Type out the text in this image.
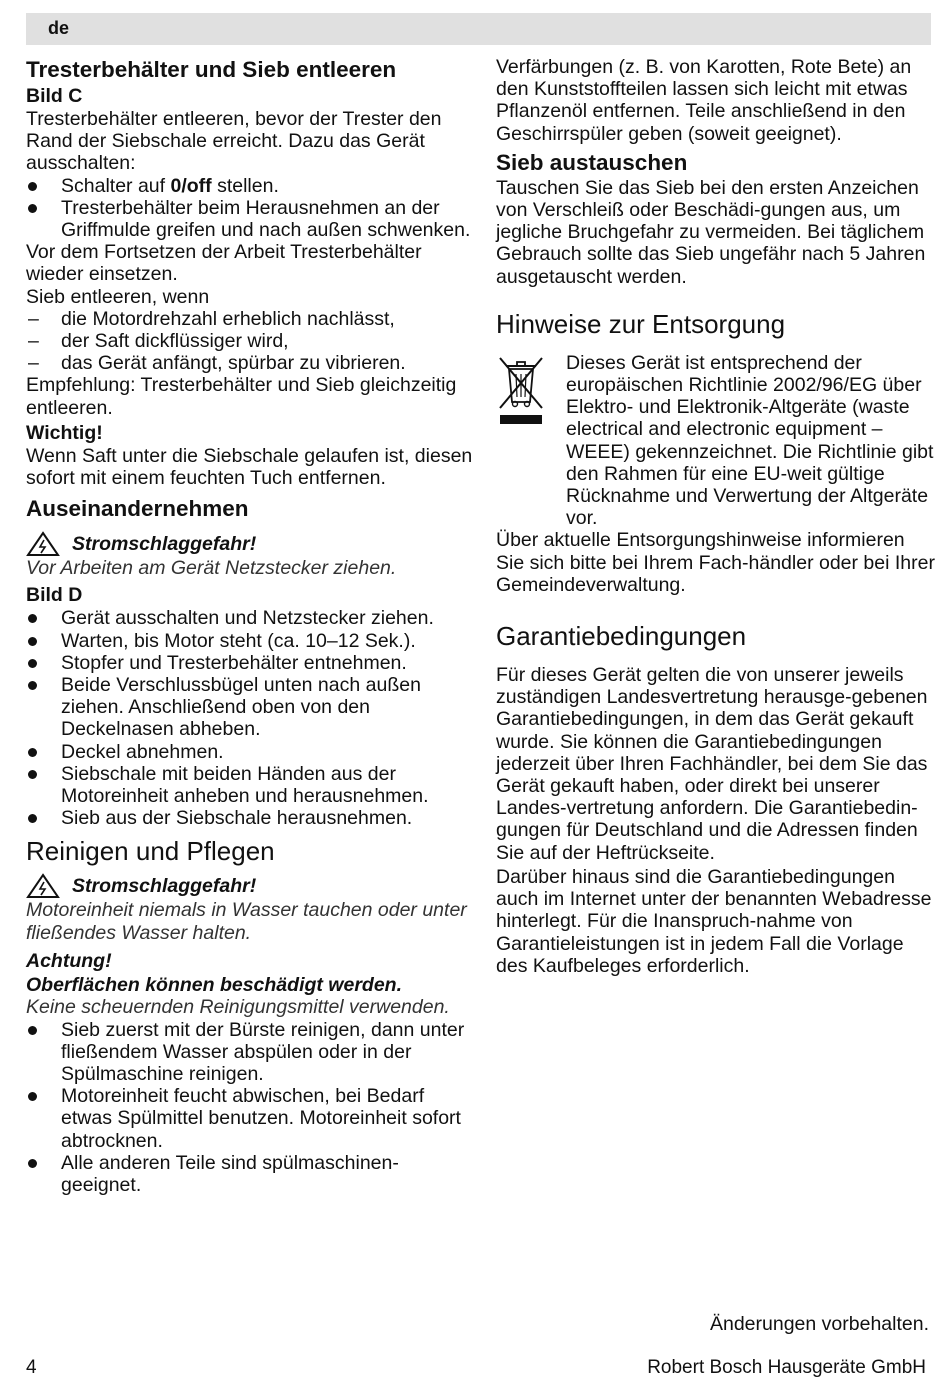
de
Tresterbehälter und Sieb entleeren
Bild C

Tresterbehälter entleeren, bevor der Trester den Rand der Siebschale erreicht. Dazu das Gerät ausschalten:

Schalter auf 0/off stellen.
Tresterbehälter beim Herausnehmen an der Griffmulde greifen und nach außen schwenken.

Vor dem Fortsetzen der Arbeit Tresterbehälter wieder einsetzen.

Sieb entleeren, wenn

– die Motordrehzahl erheblich nachlässt,
– der Saft dickflüssiger wird,
– das Gerät anfängt, spürbar zu vibrieren.

Empfehlung: Tresterbehälter und Sieb gleichzeitig entleeren.

Wichtig!

Wenn Saft unter die Siebschale gelaufen ist, diesen sofort mit einem feuchten Tuch entfernen.

Auseinandernehmen
Stromschlaggefahr!

Vor Arbeiten am Gerät Netzstecker ziehen.

Bild D
Gerät ausschalten und Netzstecker ziehen.
Warten, bis Motor steht (ca. 10–12 Sek.).
Stopfer und Tresterbehälter entnehmen.
Beide Verschlussbügel unten nach außen ziehen. Anschließend oben von den Deckelnasen abheben.
Deckel abnehmen.
Siebschale mit beiden Händen aus der Motoreinheit anheben und herausnehmen.
Sieb aus der Siebschale herausnehmen.
Reinigen und Pflegen
Stromschlaggefahr!

Motoreinheit niemals in Wasser tauchen oder unter fließendes Wasser halten.

Achtung!
Oberflächen können beschädigt werden.

Keine scheuernden Reinigungsmittel verwenden.

Sieb zuerst mit der Bürste reinigen, dann unter fließendem Wasser abspülen oder in der Spülmaschine reinigen.
Motoreinheit feucht abwischen, bei Bedarf etwas Spülmittel benutzen. Motoreinheit sofort abtrocknen.
Alle anderen Teile sind spülmaschinen-geeignet.

Verfärbungen (z. B. von Karotten, Rote Bete) an den Kunststoffteilen lassen sich leicht mit etwas Pflanzenöl entfernen. Teile anschließend in den Geschirrspüler geben (soweit geeignet).

Sieb austauschen

Tauschen Sie das Sieb bei den ersten Anzeichen von Verschleiß oder Beschädi-gungen aus, um jegliche Bruchgefahr zu vermeiden. Bei täglichem Gebrauch sollte das Sieb ungefähr nach 5 Jahren ausgetauscht werden.

Hinweise zur Entsorgung

Dieses Gerät ist entsprechend der europäischen Richtlinie 2002/96/EG über Elektro- und Elektronik-Altgeräte (waste electrical and electronic equipment – WEEE) gekennzeichnet. Die Richtlinie gibt den Rahmen für eine EU-weit gültige Rücknahme und Verwertung der Altgeräte vor.

Über aktuelle Entsorgungshinweise informieren Sie sich bitte bei Ihrem Fach-händler oder bei Ihrer Gemeindeverwaltung.

Garantiebedingungen

Für dieses Gerät gelten die von unserer jeweils zuständigen Landesvertretung herausge-gebenen Garantiebedingungen, in dem das Gerät gekauft wurde. Sie können die Garantiebedingungen jederzeit über Ihren Fachhändler, bei dem Sie das Gerät gekauft haben, oder direkt bei unserer Landes-vertretung anfordern. Die Garantiebedin-gungen für Deutschland und die Adressen finden Sie auf der Heftrückseite.

Darüber hinaus sind die Garantiebedingungen auch im Internet unter der benannten Webadresse hinterlegt. Für die Inanspruch-nahme von Garantieleistungen ist in jedem Fall die Vorlage des Kaufbeleges erforderlich.

Änderungen vorbehalten.
4	Robert Bosch Hausgeräte GmbH
